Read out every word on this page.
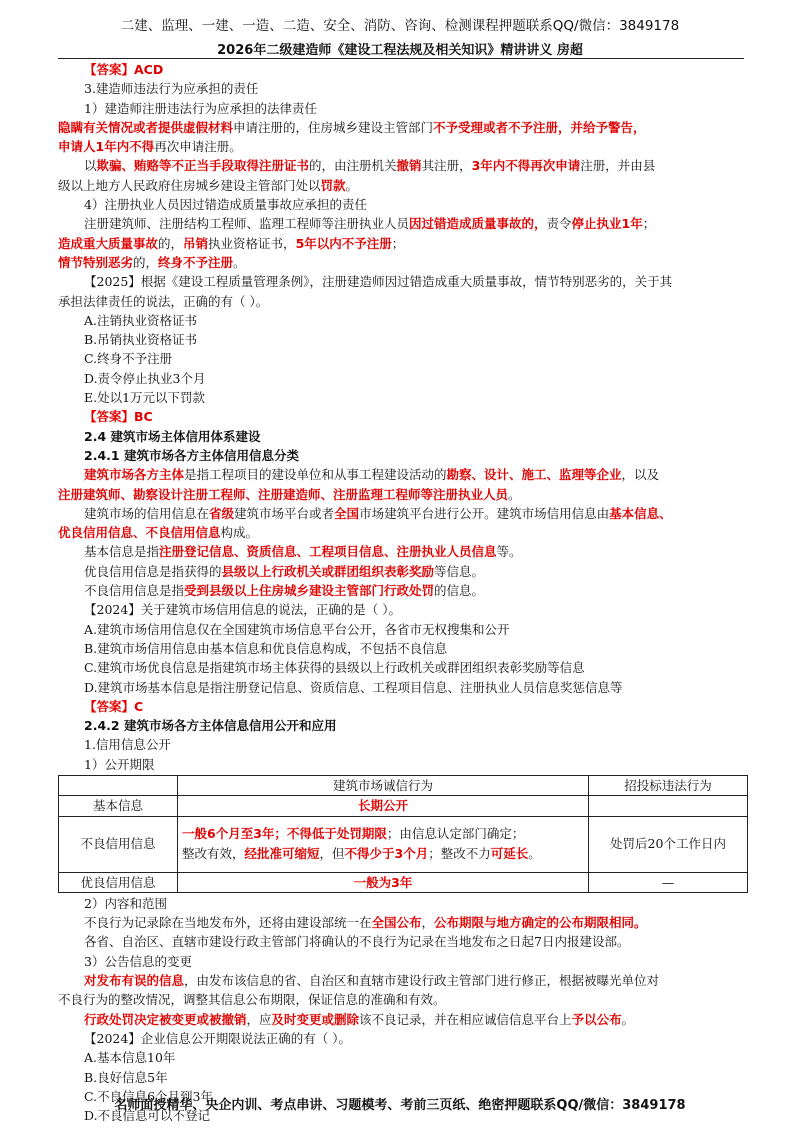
二建、监理、一建、一造、二造、安全、消防、咨询、检测课程押题联系QQ/微信：3849178
2026年二级建造师《建设工程法规及相关知识》精讲讲义 房超

【答案】ACD

3.建造师违法行为应承担的责任

1）建造师注册违法行为应承担的法律责任

隐瞒有关情况或者提供虚假材料申请注册的，住房城乡建设主管部门不予受理或者不予注册，并给予警告，

申请人1年内不得再次申请注册。

以欺骗、贿赂等不正当手段取得注册证书的，由注册机关撤销其注册，3年内不得再次申请注册，并由县

级以上地方人民政府住房城乡建设主管部门处以罚款。

4）注册执业人员因过错造成质量事故应承担的责任

注册建筑师、注册结构工程师、监理工程师等注册执业人员因过错造成质量事故的，责令停止执业1年；

造成重大质量事故的，吊销执业资格证书，5年以内不予注册；

情节特别恶劣的，终身不予注册。

【2025】根据《建设工程质量管理条例》，注册建造师因过错造成重大质量事故，情节特别恶劣的，关于其

承担法律责任的说法，正确的有（ ）。

A.注销执业资格证书

B.吊销执业资格证书

C.终身不予注册

D.责令停止执业3个月

E.处以1万元以下罚款

【答案】BC

2.4 建筑市场主体信用体系建设

2.4.1 建筑市场各方主体信用信息分类

建筑市场各方主体是指工程项目的建设单位和从事工程建设活动的勘察、设计、施工、监理等企业，以及

注册建筑师、勘察设计注册工程师、注册建造师、注册监理工程师等注册执业人员。

建筑市场的信用信息在省级建筑市场平台或者全国市场建筑平台进行公开。建筑市场信用信息由基本信息、

优良信用信息、不良信用信息构成。

基本信息是指注册登记信息、资质信息、工程项目信息、注册执业人员信息等。

优良信用信息是指获得的县级以上行政机关或群团组织表彰奖励等信息。

不良信用信息是指受到县级以上住房城乡建设主管部门行政处罚的信息。

【2024】关于建筑市场信用信息的说法，正确的是（ ）。

A.建筑市场信用信息仅在全国建筑市场信息平台公开，各省市无权搜集和公开

B.建筑市场信用信息由基本信息和优良信息构成，不包括不良信息

C.建筑市场优良信息是指建筑市场主体获得的县级以上行政机关或群团组织表彰奖励等信息

D.建筑市场基本信息是指注册登记信息、资质信息、工程项目信息、注册执业人员信息奖惩信息等

【答案】C

2.4.2 建筑市场各方主体信息信用公开和应用

1.信用信息公开

1）公开期限

	建筑市场诚信行为	招投标违法行为
基本信息	长期公开	
不良信用信息	一般6个月至3年；不得低于处罚期限；由信息认定部门确定；
整改有效，经批准可缩短，但不得少于3个月；整改不力可延长。	处罚后20个工作日内
优良信用信息	一般为3年	—

2）内容和范围

不良行为记录除在当地发布外，还将由建设部统一在全国公布，公布期限与地方确定的公布期限相同。

各省、自治区、直辖市建设行政主管部门将确认的不良行为记录在当地发布之日起7日内报建设部。

3）公告信息的变更

对发布有误的信息，由发布该信息的省、自治区和直辖市建设行政主管部门进行修正，根据被曝光单位对

不良行为的整改情况，调整其信息公布期限，保证信息的准确和有效。

行政处罚决定被变更或被撤销，应及时变更或删除该不良记录，并在相应诚信信息平台上予以公布。

【2024】企业信息公开期限说法正确的有（ ）。

A.基本信息10年

B.良好信息5年

C.不良信息6个月到3年

D.不良信息可以不登记

名师面授精华、央企内训、考点串讲、习题模考、考前三页纸、绝密押题联系QQ/微信：3849178
